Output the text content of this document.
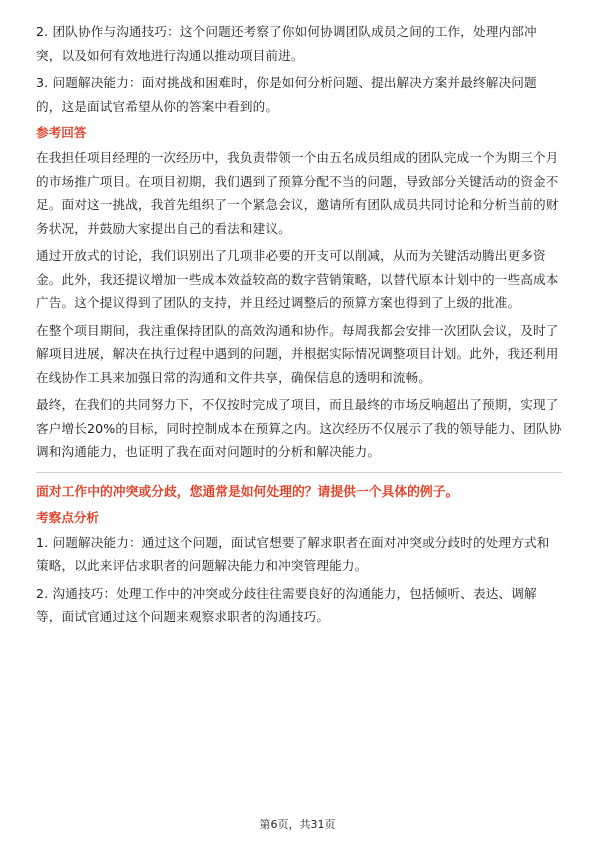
2. 团队协作与沟通技巧：这个问题还考察了你如何协调团队成员之间的工作，处理内部冲突，以及如何有效地进行沟通以推动项目前进。

3. 问题解决能力：面对挑战和困难时，你是如何分析问题、提出解决方案并最终解决问题的，这是面试官希望从你的答案中看到的。

参考回答

在我担任项目经理的一次经历中，我负责带领一个由五名成员组成的团队完成一个为期三个月的市场推广项目。在项目初期，我们遇到了预算分配不当的问题，导致部分关键活动的资金不足。面对这一挑战，我首先组织了一个紧急会议，邀请所有团队成员共同讨论和分析当前的财务状况，并鼓励大家提出自己的看法和建议。

通过开放式的讨论，我们识别出了几项非必要的开支可以削减，从而为关键活动腾出更多资金。此外，我还提议增加一些成本效益较高的数字营销策略，以替代原本计划中的一些高成本广告。这个提议得到了团队的支持，并且经过调整后的预算方案也得到了上级的批准。

在整个项目期间，我注重保持团队的高效沟通和协作。每周我都会安排一次团队会议，及时了解项目进展，解决在执行过程中遇到的问题，并根据实际情况调整项目计划。此外，我还利用在线协作工具来加强日常的沟通和文件共享，确保信息的透明和流畅。

最终，在我们的共同努力下，不仅按时完成了项目，而且最终的市场反响超出了预期，实现了客户增长20%的目标，同时控制成本在预算之内。这次经历不仅展示了我的领导能力、团队协调和沟通能力，也证明了我在面对问题时的分析和解决能力。

面对工作中的冲突或分歧，您通常是如何处理的？请提供一个具体的例子。
考察点分析

1. 问题解决能力：通过这个问题，面试官想要了解求职者在面对冲突或分歧时的处理方式和策略，以此来评估求职者的问题解决能力和冲突管理能力。

2. 沟通技巧：处理工作中的冲突或分歧往往需要良好的沟通能力，包括倾听、表达、调解等，面试官通过这个问题来观察求职者的沟通技巧。

第6页，共31页
